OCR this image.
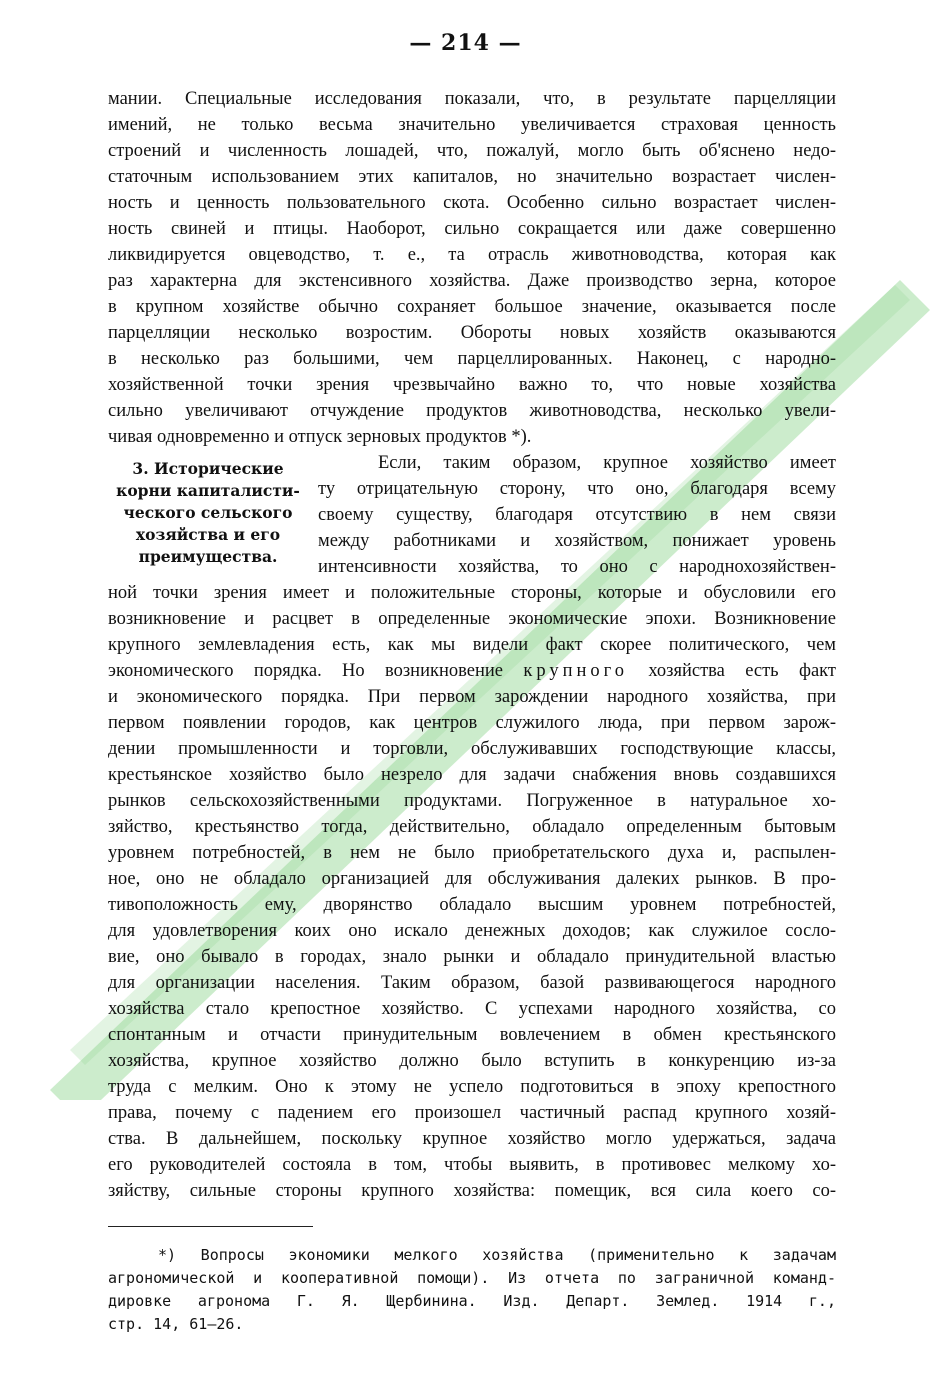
— 214 —
мании. Специальные исследования показали, что, в результате парцелляции
имений, не только весьма значительно увеличивается страховая ценность
строений и численность лошадей, что, пожалуй, могло быть об'яснено недо-
статочным использованием этих капиталов, но значительно возрастает числен-
ность и ценность пользовательного скота. Особенно сильно возрастает числен-
ность свиней и птицы. Наоборот, сильно сокращается или даже совершенно
ликвидируется овцеводство, т. е., та отрасль животноводства, которая как
раз характерна для экстенсивного хозяйства. Даже производство зерна, которое
в крупном хозяйстве обычно сохраняет большое значение, оказывается после
парцелляции несколько возростим. Обороты новых хозяйств оказываются
в несколько раз большими, чем парцеллированных. Наконец, с народно-
хозяйственной точки зрения чрезвычайно важно то, что новые хозяйства
сильно увеличивают отчуждение продуктов животноводства, несколько увели-
чивая одновременно и отпуск зерновых продуктов *).
3. Исторические
корни капиталисти-
ческого сельского
хозяйства и его
преимущества.
Если, таким образом, крупное хозяйство имеет
ту отрицательную сторону, что оно, благодаря всему
своему существу, благодаря отсутствию в нем связи
между работниками и хозяйством, понижает уровень
интенсивности хозяйства, то оно с народнохозяйствен-
ной точки зрения имеет и положительные стороны, которые и обусловили его
возникновение и расцвет в определенные экономические эпохи. Возникновение
крупного землевладения есть, как мы видели факт скорее политического, чем
экономического порядка. Но возникновение крупного хозяйства есть факт
и экономического порядка. При первом зарождении народного хозяйства, при
первом появлении городов, как центров служилого люда, при первом зарож-
дении промышленности и торговли, обслуживавших господствующие классы,
крестьянское хозяйство было незрело для задачи снабжения вновь создавшихся
рынков сельскохозяйственными продуктами. Погруженное в натуральное хо-
зяйство, крестьянство тогда, действительно, обладало определенным бытовым
уровнем потребностей, в нем не было приобретательского духа и, распылен-
ное, оно не обладало организацией для обслуживания далеких рынков. В про-
тивоположность ему, дворянство обладало высшим уровнем потребностей,
для удовлетворения коих оно искало денежных доходов; как служилое сосло-
вие, оно бывало в городах, знало рынки и обладало принудительной властью
для организации населения. Таким образом, базой развивающегося народного
хозяйства стало крепостное хозяйство. С успехами народного хозяйства, со
спонтанным и отчасти принудительным вовлечением в обмен крестьянского
хозяйства, крупное хозяйство должно было вступить в конкуренцию из-за
труда с мелким. Оно к этому не успело подготовиться в эпоху крепостного
права, почему с падением его произошел частичный распад крупного хозяй-
ства. В дальнейшем, поскольку крупное хозяйство могло удержаться, задача
его руководителей состояла в том, чтобы выявить, в противовес мелкому хо-
зяйству, сильные стороны крупного хозяйства: помещик, вся сила коего со-
*) Вопросы экономики мелкого хозяйства (применительно к задачам
агрономической и кооперативной помощи). Из отчета по заграничной команд-
дировке агронома Г. Я. Щербинина. Изд. Департ. Землед. 1914 г.,
стр. 14, 61—26.
